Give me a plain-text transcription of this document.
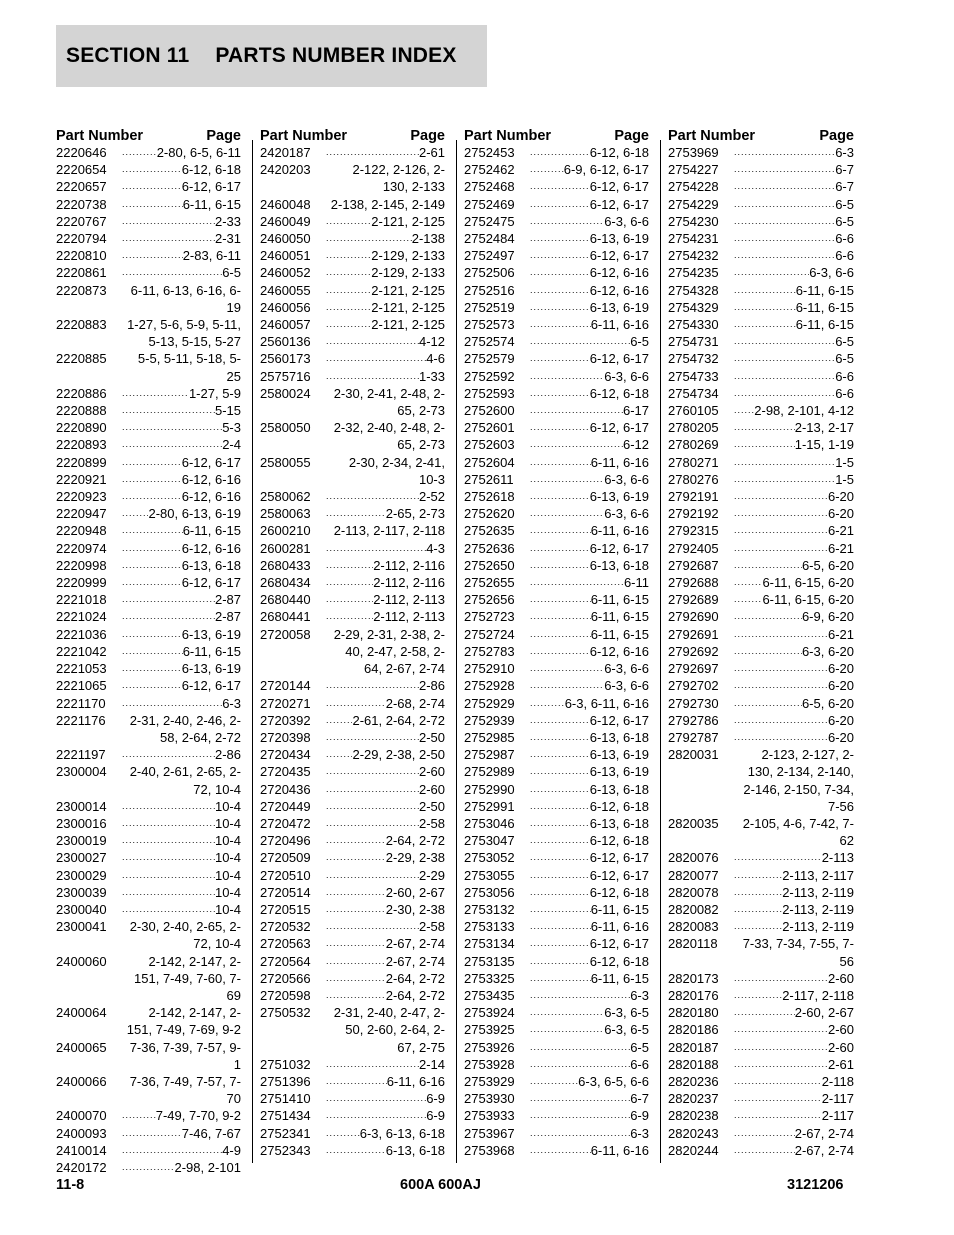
SECTION 11 PARTS NUMBER INDEX
Part Number	Page
2220646 .....	2-80, 6-5, 6-11
2220654 .....	6-12, 6-18
2220657 .....	6-12, 6-17
2220738 .....	6-11, 6-15
2220767 .....	2-33
2220794 .....	2-31
2220810 .....	2-83, 6-11
2220861 .....	6-5
2220873	6-11, 6-13, 6-16, 6-19
2220883	1-27, 5-6, 5-9, 5-11, 5-13, 5-15, 5-27
2220885	5-5, 5-11, 5-18, 5-25
2220886 .....	1-27, 5-9
2220888 .....	5-15
2220890 .....	5-3
2220893 .....	2-4
2220899 .....	6-12, 6-17
2220921 .....	6-12, 6-16
2220923 .....	6-12, 6-16
2220947 .....	2-80, 6-13, 6-19
2220948 .....	6-11, 6-15
2220974 .....	6-12, 6-16
2220998 .....	6-13, 6-18
2220999 .....	6-12, 6-17
2221018 .....	2-87
2221024 .....	2-87
2221036 .....	6-13, 6-19
2221042 .....	6-11, 6-15
2221053 .....	6-13, 6-19
2221065 .....	6-12, 6-17
2221170 .....	6-3
2221176	2-31, 2-40, 2-46, 2-58, 2-64, 2-72
2221197 .....	2-86
2300004	2-40, 2-61, 2-65, 2-72, 10-4
2300014 .....	10-4
2300016 .....	10-4
2300019 .....	10-4
2300027 .....	10-4
2300029 .....	10-4
2300039 .....	10-4
2300040 .....	10-4
2300041	2-30, 2-40, 2-65, 2-72, 10-4
2400060	2-142, 2-147, 2-151, 7-49, 7-60, 7-69
2400064	2-142, 2-147, 2-151, 7-49, 7-69, 9-2
2400065	7-36, 7-39, 7-57, 9-1
2400066	7-36, 7-49, 7-57, 7-70
2400070 .....	7-49, 7-70, 9-2
2400093 .....	7-46, 7-67
2410014 .....	4-9
2420172 .....	2-98, 2-101
Part Number	Page
2420187 .....	2-61
2420203	2-122, 2-126, 2-130, 2-133
2460048	2-138, 2-145, 2-149
2460049 .....	2-121, 2-125
2460050 .....	2-138
2460051 .....	2-129, 2-133
2460052 .....	2-129, 2-133
2460055 .....	2-121, 2-125
2460056 .....	2-121, 2-125
2460057 .....	2-121, 2-125
2560136 .....	4-12
2560173 .....	4-6
2575716 .....	1-33
2580024	2-30, 2-41, 2-48, 2-65, 2-73
2580050	2-32, 2-40, 2-48, 2-65, 2-73
2580055	2-30, 2-34, 2-41, 10-3
2580062 .....	2-52
2580063 .....	2-65, 2-73
2600210	2-113, 2-117, 2-118
2600281 .....	4-3
2680433 .....	2-112, 2-116
2680434 .....	2-112, 2-116
2680440 .....	2-112, 2-113
2680441 .....	2-112, 2-113
2720058	2-29, 2-31, 2-38, 2-40, 2-47, 2-58, 2-64, 2-67, 2-74
2720144 .....	2-86
2720271 .....	2-68, 2-74
2720392 .....	2-61, 2-64, 2-72
2720398 .....	2-50
2720434 .....	2-29, 2-38, 2-50
2720435 .....	2-60
2720436 .....	2-60
2720449 .....	2-50
2720472 .....	2-58
2720496 .....	2-64, 2-72
2720509 .....	2-29, 2-38
2720510 .....	2-29
2720514 .....	2-60, 2-67
2720515 .....	2-30, 2-38
2720532 .....	2-58
2720563 .....	2-67, 2-74
2720564 .....	2-67, 2-74
2720566 .....	2-64, 2-72
2720598 .....	2-64, 2-72
2750532	2-31, 2-40, 2-47, 2-50, 2-60, 2-64, 2-67, 2-75
2751032 .....	2-14
2751396 .....	6-11, 6-16
2751410 .....	6-9
2751434 .....	6-9
2752341 .....	6-3, 6-13, 6-18
2752343 .....	6-13, 6-18
Part Number	Page
2752453 .....	6-12, 6-18
2752462 .....	6-9, 6-12, 6-17
2752468 .....	6-12, 6-17
2752469 .....	6-12, 6-17
2752475 .....	6-3, 6-6
2752484 .....	6-13, 6-19
2752497 .....	6-12, 6-17
2752506 .....	6-12, 6-16
2752516 .....	6-12, 6-16
2752519 .....	6-13, 6-19
2752573 .....	6-11, 6-16
2752574 .....	6-5
2752579 .....	6-12, 6-17
2752592 .....	6-3, 6-6
2752593 .....	6-12, 6-18
2752600 .....	6-17
2752601 .....	6-12, 6-17
2752603 .....	6-12
2752604 .....	6-11, 6-16
2752611 .....	6-3, 6-6
2752618 .....	6-13, 6-19
2752620 .....	6-3, 6-6
2752635 .....	6-11, 6-16
2752636 .....	6-12, 6-17
2752650 .....	6-13, 6-18
2752655 .....	6-11
2752656 .....	6-11, 6-15
2752723 .....	6-11, 6-15
2752724 .....	6-11, 6-15
2752783 .....	6-12, 6-16
2752910 .....	6-3, 6-6
2752928 .....	6-3, 6-6
2752929 .....	6-3, 6-11, 6-16
2752939 .....	6-12, 6-17
2752985 .....	6-13, 6-18
2752987 .....	6-13, 6-19
2752989 .....	6-13, 6-19
2752990 .....	6-13, 6-18
2752991 .....	6-12, 6-18
2753046 .....	6-13, 6-18
2753047 .....	6-12, 6-18
2753052 .....	6-12, 6-17
2753055 .....	6-12, 6-17
2753056 .....	6-12, 6-18
2753132 .....	6-11, 6-15
2753133 .....	6-11, 6-16
2753134 .....	6-12, 6-17
2753135 .....	6-12, 6-18
2753325 .....	6-11, 6-15
2753435 .....	6-3
2753924 .....	6-3, 6-5
2753925 .....	6-3, 6-5
2753926 .....	6-5
2753928 .....	6-6
2753929 .....	6-3, 6-5, 6-6
2753930 .....	6-7
2753933 .....	6-9
2753967 .....	6-3
2753968 .....	6-11, 6-16
Part Number	Page
2753969 .....	6-3
2754227 .....	6-7
2754228 .....	6-7
2754229 .....	6-5
2754230 .....	6-5
2754231 .....	6-6
2754232 .....	6-6
2754235 .....	6-3, 6-6
2754328 .....	6-11, 6-15
2754329 .....	6-11, 6-15
2754330 .....	6-11, 6-15
2754731 .....	6-5
2754732 .....	6-5
2754733 .....	6-6
2754734 .....	6-6
2760105 .....	2-98, 2-101, 4-12
2780205 .....	2-13, 2-17
2780269 .....	1-15, 1-19
2780271 .....	1-5
2780276 .....	1-5
2792191 .....	6-20
2792192 .....	6-20
2792315 .....	6-21
2792405 .....	6-21
2792687 .....	6-5, 6-20
2792688 .....	6-11, 6-15, 6-20
2792689 .....	6-11, 6-15, 6-20
2792690 .....	6-9, 6-20
2792691 .....	6-21
2792692 .....	6-3, 6-20
2792697 .....	6-20
2792702 .....	6-20
2792730 .....	6-5, 6-20
2792786 .....	6-20
2792787 .....	6-20
2820031	2-123, 2-127, 2-130, 2-134, 2-140, 2-146, 2-150, 7-34, 7-56
2820035	2-105, 4-6, 7-42, 7-62
2820076 .....	2-113
2820077 .....	2-113, 2-117
2820078 .....	2-113, 2-119
2820082 .....	2-113, 2-119
2820083 .....	2-113, 2-119
2820118	7-33, 7-34, 7-55, 7-56
2820173 .....	2-60
2820176 .....	2-117, 2-118
2820180 .....	2-60, 2-67
2820186 .....	2-60
2820187 .....	2-60
2820188 .....	2-61
2820236 .....	2-118
2820237 .....	2-117
2820238 .....	2-117
2820243 .....	2-67, 2-74
2820244 .....	2-67, 2-74
11-8	600A 600AJ	3121206
